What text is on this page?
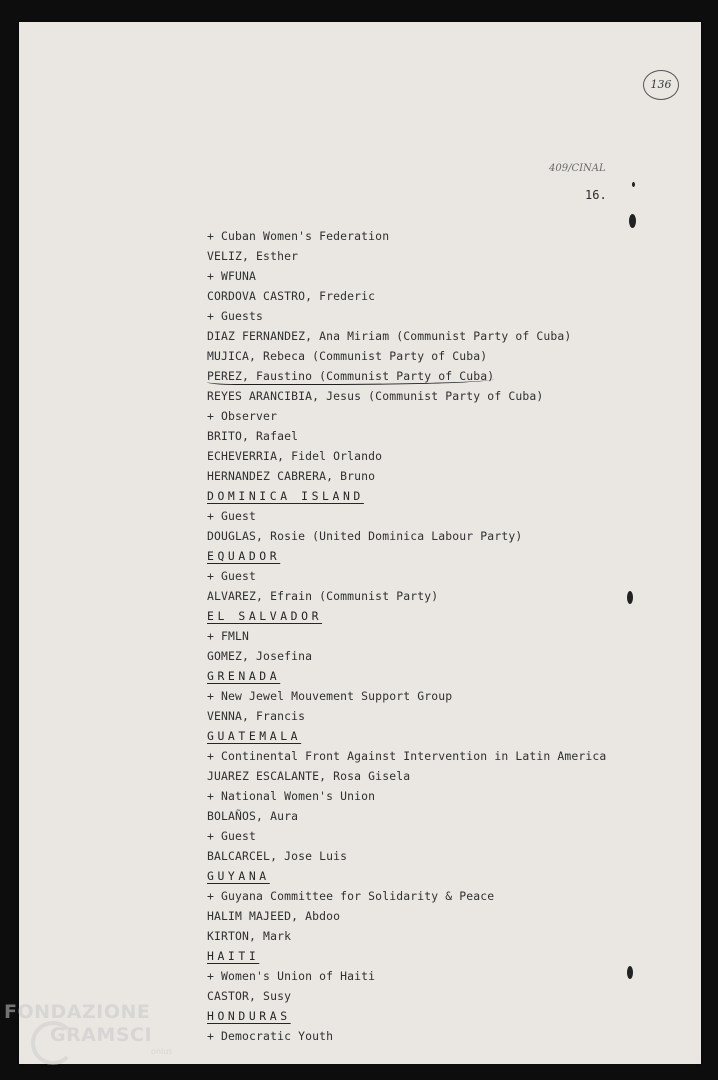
136
409/CINAL
16.
+ Cuban Women's Federation
VELIZ, Esther
+ WFUNA
CORDOVA CASTRO, Frederic
+ Guests
DIAZ FERNANDEZ, Ana Miriam (Communist Party of Cuba)
MUJICA, Rebeca (Communist Party of Cuba)
PEREZ, Faustino (Communist Party of Cuba)
REYES ARANCIBIA, Jesus (Communist Party of Cuba)
+ Observer
BRITO, Rafael
ECHEVERRIA, Fidel Orlando
HERNANDEZ CABRERA, Bruno
DOMINICA ISLAND
+ Guest
DOUGLAS, Rosie (United Dominica Labour Party)
EQUADOR
+ Guest
ALVAREZ, Efrain (Communist Party)
EL SALVADOR
+ FMLN
GOMEZ, Josefina
GRENADA
+ New Jewel Mouvement Support Group
VENNA, Francis
GUATEMALA
+ Continental Front Against Intervention in Latin America
JUAREZ ESCALANTE, Rosa Gisela
+ National Women's Union
BOLAÑOS, Aura
+ Guest
BALCARCEL, Jose Luis
GUYANA
+ Guyana Committee for Solidarity & Peace
HALIM MAJEED, Abdoo
KIRTON, Mark
HAITI
+ Women's Union of Haiti
CASTOR, Susy
HONDURAS
+ Democratic Youth
FONDAZIONE
GRAMSCI
onlus
